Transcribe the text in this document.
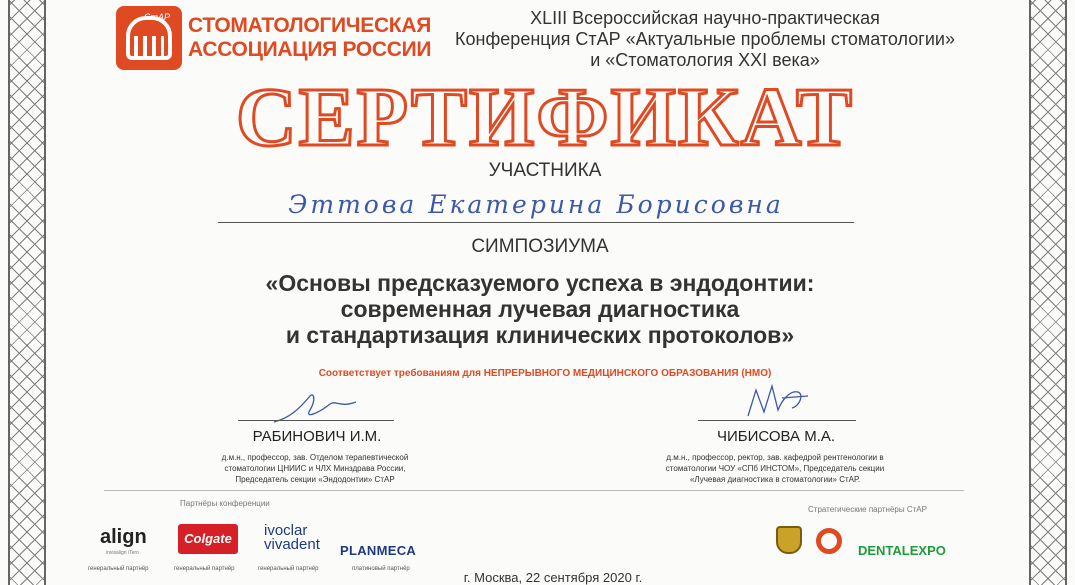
СтАР СТОМАТОЛОГИЧЕСКАЯ
АССОЦИАЦИЯ РОССИИ
XLIII Всероссийская научно-практическая
Конференция СтАР «Актуальные проблемы стоматологии»
и «Стоматология XXI века»
СЕРТИФИКАТ
УЧАСТНИКА
Эттова Екатерина Борисовна
СИМПОЗИУМА
«Основы предсказуемого успеха в эндодонтии:
современная лучевая диагностика
и стандартизация клинических протоколов»
Соответствует требованиям для НЕПРЕРЫВНОГО МЕДИЦИНСКОГО ОБРАЗОВАНИЯ (НМО)
РАБИНОВИЧ И.М.
д.м.н., профессор, зав. Отделом терапевтической
стоматологии ЦНИИС и ЧЛХ Минздрава России,
Председатель секции «Эндодонтии» СтАР
ЧИБИСОВА М.А.
д.м.н., профессор, ректор, зав. кафедрой рентгенологии в
стоматологии ЧОУ «СПб ИНСТОМ», Председатель секции
«Лучевая диагностика в стоматологии» СтАР.
Партнёры конференции
Стратегические партнёры СтАР
align
invisalign iTero
генеральный партнёр
Colgate
генеральный партнёр
ivoclar vivadent
генеральный партнёр
PLANMECA
платиновый партнёр
DENTALEXPO
г. Москва, 22 сентября 2020 г.
